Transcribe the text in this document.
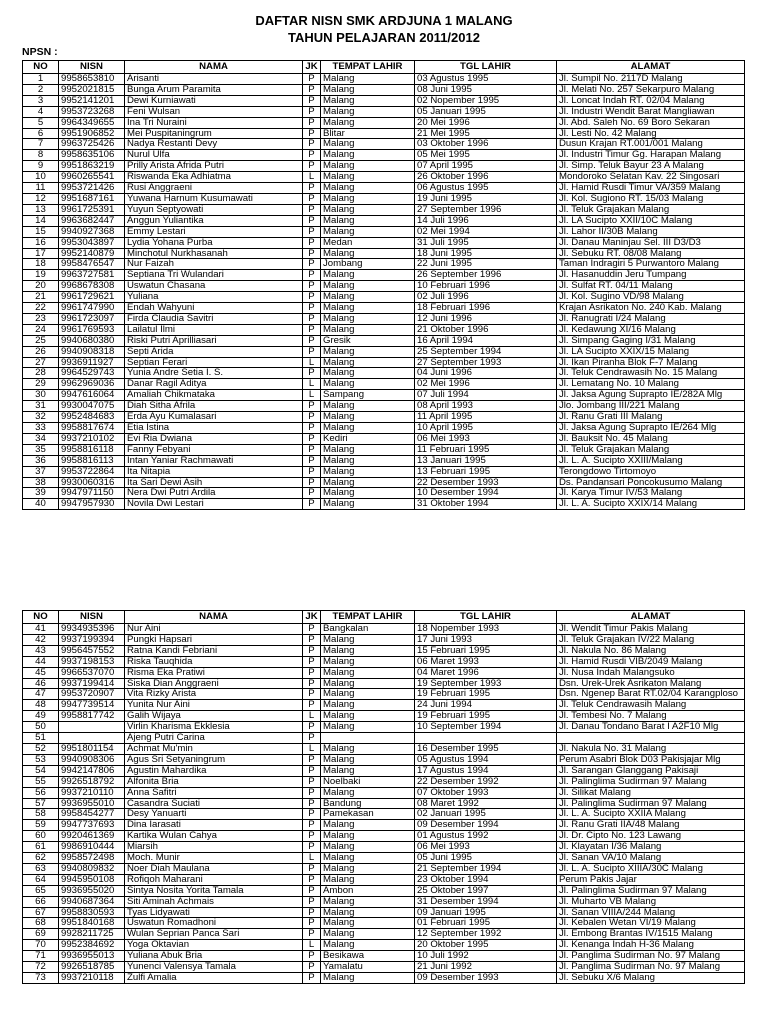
DAFTAR NISN SMK ARDJUNA 1 MALANG
TAHUN PELAJARAN 2011/2012
NPSN :
NO	NISN	NAMA	JK	TEMPAT LAHIR	TGL LAHIR	ALAMAT
1	9958653810	Arisanti	P	Malang	03 Agustus 1995	Jl. Sumpil No. 2117D Malang
2	9952021815	Bunga Arum Paramita	P	Malang	08 Juni 1995	Jl. Melati No. 257 Sekarpuro Malang
3	9952141201	Dewi Kurniawati	P	Malang	02 Nopember 1995	Jl. Loncat Indah RT. 02/04 Malang
4	9953723268	Feni Wulsan	P	Malang	05 Januari 1995	Jl. Industri Wendit Barat Mangliawan
5	9964349655	Ina Tri Nuraini	P	Malang	20 Mei 1996	Jl. Abd. Saleh No. 69 Boro Sekaran
6	9951906852	Mei Puspitaningrum	P	Blitar	21 Mei 1995	Jl. Lesti No. 42 Malang
7	9963725426	Nadya Restanti Devy	P	Malang	03 Oktober 1996	Dusun Krajan RT.001/001 Malang
8	9958635106	Nurul Ulfa	P	Malang	05 Mei 1995	Jl. Industri Timur Gg. Harapan Malang
9	9951863219	Prilly Arista Afrida Putri	P	Malang	07 April 1995	Jl. Simp. Teluk Bayur 23 A Malang
10	9960265541	Riswanda Eka Adhiatma	L	Malang	26 Oktober 1996	Mondoroko Selatan Kav. 22 Singosari
11	9953721426	Rusi Anggraeni	P	Malang	06 Agustus 1995	Jl. Hamid Rusdi Timur VA/359 Malang
12	9951687161	Yuwana Harnum Kusumawati	P	Malang	19 Juni 1995	Jl. Kol. Sugiono RT. 15/03 Malang
13	9961725391	Yuyun Septyowati	P	Malang	27 September 1996	Jl. Teluk Grajakan Malang
14	9963682447	Anggun Yuliantika	P	Malang	14 Juli 1996	Jl. LA Sucipto XXII/10C Malang
15	9940927368	Emmy Lestari	P	Malang	02 Mei 1994	Jl. Lahor II/30B Malang
16	9953043897	Lydia Yohana Purba	P	Medan	31 Juli 1995	Jl. Danau Maninjau Sel. III D3/D3
17	9952140879	Minchotul Nurkhasanah	P	Malang	18 Juni 1995	Jl. Sebuku RT. 08/08 Malang
18	9958476547	Nur Faizah	P	Jombang	22 Juni 1995	Taman Indragiri 5 Purwantoro Malang
19	9963727581	Septiana Tri Wulandari	P	Malang	26 September 1996	Jl. Hasanuddin Jeru Tumpang
20	9968678308	Uswatun Chasana	P	Malang	10 Februari 1996	Jl. Sulfat RT. 04/11 Malang
21	9961729621	Yuliana	P	Malang	02 Juli 1996	Jl. Kol. Sugino VD/98 Malang
22	9961747990	Endah Wahyuni	P	Malang	18 Februari 1996	Krajan Asrikaton No. 240 Kab. Malang
23	9961723097	Firda Claudia Savitri	P	Malang	12 Juni 1996	Jl. Ranugrati I/24 Malang
24	9961769593	Lailatul Ilmi	P	Malang	21 Oktober 1996	Jl. Kedawung XI/16 Malang
25	9940680380	Riski Putri Aprilliasari	P	Gresik	16 April 1994	Jl. Simpang Gaging I/31 Malang
26	9940908318	Septi Arida	P	Malang	25 September 1994	Jl. LA Sucipto XXIX/15 Malang
27	9936911927	Septian Ferari	L	Malang	27 September 1993	Jl. Ikan Piranha Blok F-7 Malang
28	9964529743	Yunia Andre Setia I. S.	P	Malang	04 Juni 1996	Jl. Teluk Cendrawasih No. 15 Malang
29	9962969036	Danar Ragil Aditya	L	Malang	02 Mei 1996	Jl. Lematang No. 10 Malang
30	9947616064	Amaliah Chikmataka	L	Sampang	07 Juli 1994	Jl. Jaksa Agung Suprapto IE/282A Mlg
31	9930047075	Diah Sitha Afrila	P	Malang	08 April 1993	Jlo. Jombang III/221 Malang
32	9952484683	Erda Ayu Kumalasari	P	Malang	11 April 1995	Jl. Ranu Grati III Malang
33	9958817674	Etia Istina	P	Malang	10 April 1995	Jl. Jaksa Agung Suprapto IE/264 Mlg
34	9937210102	Evi Ria Dwiana	P	Kediri	06 Mei 1993	Jl. Bauksit No. 45 Malang
35	9958816118	Fanny Febyani	P	Malang	11 Februari 1995	Jl. Teluk Grajakan Malang
36	9958816113	Intan Yaniar Rachmawati	P	Malang	13 Januari 1995	Jl. L. A. Sucipto XXIII/Malang
37	9953722864	Ita Nitapia	P	Malang	13 Februari 1995	Terongdowo Tirtomoyo
38	9930060316	Ita Sari Dewi Asih	P	Malang	22 Desember 1993	Ds. Pandansari Poncokusumo Malang
39	9947971150	Nera Dwi Putri Ardila	P	Malang	10 Desember 1994	Jl. Karya Timur IV/53 Malang
40	9947957930	Novila Dwi Lestari	P	Malang	31 Oktober 1994	Jl. L. A. Sucipto XXIX/14 Malang
NO	NISN	NAMA	JK	TEMPAT LAHIR	TGL LAHIR	ALAMAT
41	9934935396	Nur Aini	P	Bangkalan	18 Nopember 1993	Jl. Wendit Timur Pakis Malang
42	9937199394	Pungki Hapsari	P	Malang	17 Juni 1993	Jl. Teluk Grajakan IV/22 Malang
43	9956457552	Ratna Kandi Febriani	P	Malang	15 Februari 1995	Jl. Nakula No. 86 Malang
44	9937198153	Riska Tauqhida	P	Malang	06 Maret 1993	Jl. Hamid Rusdi VIB/2049 Malang
45	9966537070	Risma Eka Pratiwi	P	Malang	04 Maret 1996	Jl. Nusa Indah Malangsuko
46	9937199414	Siska Dian Anggraeni	P	Malang	19 September 1993	Dsn. Urek-Urek Asrikaton Malang
47	9953720907	Vita Rizky Arista	P	Malang	19 Februari 1995	Dsn. Ngenep Barat RT.02/04 Karangploso
48	9947739514	Yunita Nur Aini	P	Malang	24 Juni 1994	Jl. Teluk Cendrawasih Malang
49	9958817742	Galih Wijaya	L	Malang	19 Februari 1995	Jl. Tembesi No. 7 Malang
50		Virlin Kharisma Ekklesia	P	Malang	10 September 1994	Jl. Danau Tondano Barat I A2F10 Mlg
51		Ajeng Putri Carina	P			
52	9951801154	Achmat Mu'min	L	Malang	16 Desember 1995	Jl. Nakula No. 31 Malang
53	9940908306	Agus Sri Setyaningrum	P	Malang	05 Agustus 1994	Perum Asabri Blok D03 Pakisjajar Mlg
54	9942147806	Agustin Mahardika	P	Malang	17 Agustus 1994	Jl. Sarangan Glanggang Pakisaji
55	9926518792	Alfonita Bria	P	Noelbaki	22 Desember 1992	Jl. Palinglima Sudirman 97 Malang
56	9937210110	Anna Safitri	P	Malang	07 Oktober 1993	Jl. Silikat Malang
57	9936955010	Casandra Suciati	P	Bandung	08 Maret 1992	Jl. Palinglima Sudirman 97 Malang
58	9958454277	Desy Yanuarti	P	Pamekasan	02 Januari 1995	Jl. L. A. Sucipto XXIIA Malang
59	9947737693	Dina Iarasati	P	Malang	09 Desember 1994	Jl. Ranu Grati IIA/48 Malang
60	9920461369	Kartika Wulan Cahya	P	Malang	01 Agustus 1992	Jl. Dr. Cipto No. 123 Lawang
61	9986910444	Miarsih	P	Malang	06 Mei 1993	Jl. Klayatan I/36 Malang
62	9958572498	Moch. Munir	L	Malang	05 Juni 1995	Jl. Sanan VA/10 Malang
63	9940809832	Noer Diah Maulana	P	Malang	21 September 1994	Jl. L. A. Sucipto XIIIA/30C Malang
64	9945950108	Rofiqoh Maharani	P	Malang	23 Oktober 1994	Perum Pakis Jajar
65	9936955020	Sintya Nosita Yorita Tamala	P	Ambon	25 Oktober 1997	Jl. Palinglima Sudirman 97 Malang
66	9940687364	Siti Aminah Achmais	P	Malang	31 Desember 1994	Jl. Muharto VB Malang
67	9958830593	Tyas Lidyawati	P	Malang	09 Januari 1995	Jl. Sanan VIIIA/244 Malang
68	9951840168	Uswatun Romadhoni	P	Malang	01 Februari 1995	Jl. Kebalen Wetan VI/19 Malang
69	9928211725	Wulan Seprian Panca Sari	P	Malang	12 September 1992	Jl. Embong Brantas IV/1515 Malang
70	9952384692	Yoga Oktavian	L	Malang	20 Oktober 1995	Jl. Kenanga Indah H-36 Malang
71	9936955013	Yuliana Abuk Bria	P	Besikawa	10 Juli 1992	Jl. Panglima Sudirman No. 97 Malang
72	9926518785	Yunenci Valensya Tamala	P	Yamalatu	21 Juni 1992	Jl. Panglima Sudirman No. 97 Malang
73	9937210118	Zulfi Amalia	P	Malang	09 Desember 1993	Jl. Sebuku X/6 Malang
